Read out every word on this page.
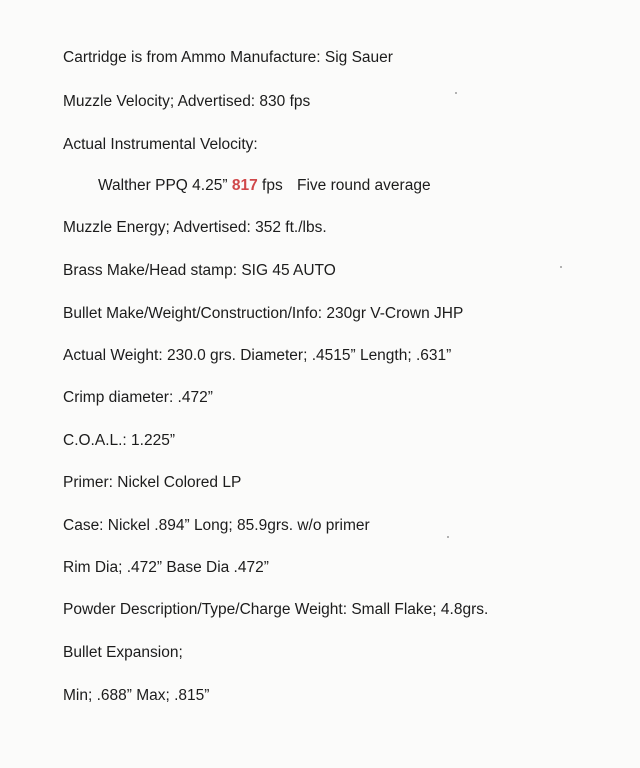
Cartridge is from Ammo Manufacture: Sig Sauer
Muzzle Velocity; Advertised: 830 fps
Actual Instrumental Velocity:
Walther PPQ 4.25” 817 fps Five round average
Muzzle Energy; Advertised: 352 ft./lbs.
Brass Make/Head stamp: SIG 45 AUTO
Bullet Make/Weight/Construction/Info: 230gr V-Crown JHP
Actual Weight: 230.0 grs. Diameter; .4515” Length; .631”
Crimp diameter: .472”
C.O.A.L.: 1.225”
Primer: Nickel Colored LP
Case: Nickel .894” Long; 85.9grs. w/o primer
Rim Dia; .472” Base Dia .472”
Powder Description/Type/Charge Weight: Small Flake; 4.8grs.
Bullet Expansion;
Min; .688” Max; .815”
